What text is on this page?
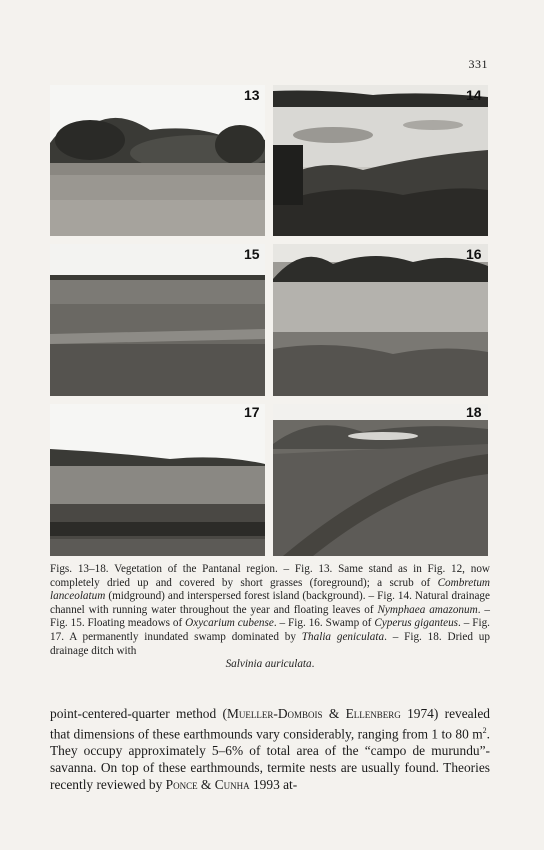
331
13	14
15	16
17	18
Figs. 13–18. Vegetation of the Pantanal region. – Fig. 13. Same stand as in Fig. 12, now completely dried up and covered by short grasses (foreground); a scrub of Combretum lanceolatum (midground) and interspersed forest island (background). – Fig. 14. Natural drainage channel with running water throughout the year and floating leaves of Nymphaea amazonum. – Fig. 15. Floating meadows of Oxycarium cubense. – Fig. 16. Swamp of Cyperus giganteus. – Fig. 17. A permanently inundated swamp dominated by Thalia geniculata. – Fig. 18. Dried up drainage ditch with
Salvinia auriculata.
point-centered-quarter method (Mueller-Dombois & Ellenberg 1974) revealed that dimensions of these earthmounds vary considerably, ranging from 1 to 80 $m^2$. They occupy approximately 5–6% of total area of the “campo de murundu”-savanna. On top of these earthmounds, termite nests are usually found. Theories recently reviewed by Ponce & Cunha 1993 at-
